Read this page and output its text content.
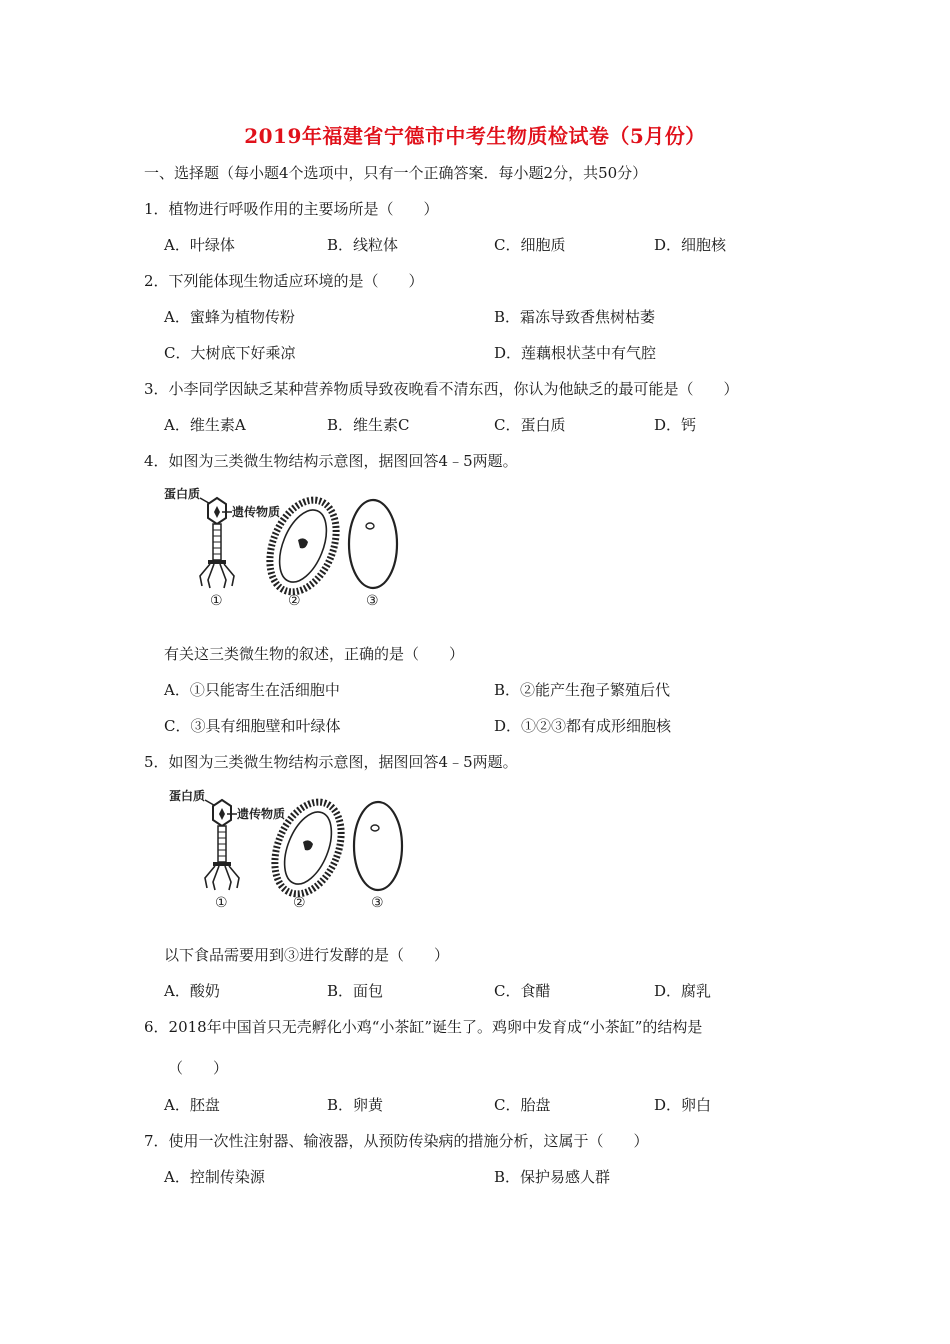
2019年福建省宁德市中考生物质检试卷（5月份）
一、选择题（每小题4个选项中，只有一个正确答案．每小题2分，共50分）
1．植物进行呼吸作用的主要场所是（　　）
A．叶绿体	B．线粒体	C．细胞质	D．细胞核
2．下列能体现生物适应环境的是（　　）
A．蜜蜂为植物传粉	B．霜冻导致香焦树枯萎
C．大树底下好乘凉	D．莲藕根状茎中有气腔
3．小李同学因缺乏某种营养物质导致夜晚看不清东西，你认为他缺乏的最可能是（　　）
A．维生素A	B．维生素C	C．蛋白质	D．钙
4．如图为三类微生物结构示意图，据图回答4﹣5两题。
蛋白质
遗传物质
①	②	③
有关这三类微生物的叙述，正确的是（　　）
A．①只能寄生在活细胞中	B．②能产生孢子繁殖后代
C．③具有细胞壁和叶绿体	D．①②③都有成形细胞核
5．如图为三类微生物结构示意图，据图回答4﹣5两题。
蛋白质
遗传物质
①	②	③
以下食品需要用到③进行发酵的是（　　）
A．酸奶	B．面包	C．食醋	D．腐乳
6．2018年中国首只无壳孵化小鸡“小茶缸”诞生了。鸡卵中发育成“小茶缸”的结构是
（　　）
A．胚盘	B．卵黄	C．胎盘	D．卵白
7．使用一次性注射器、输液器，从预防传染病的措施分析，这属于（　　）
A．控制传染源	B．保护易感人群
